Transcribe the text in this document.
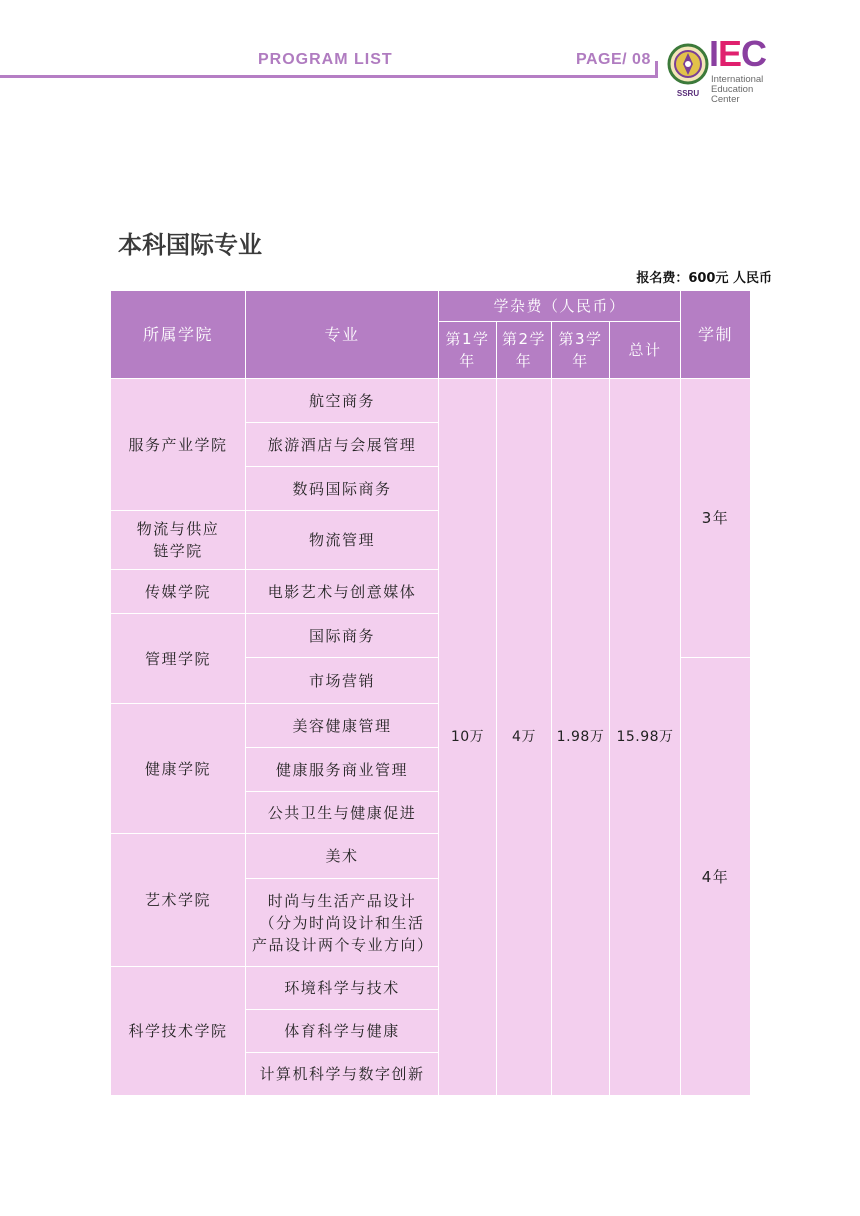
PROGRAM LIST	PAGE/ 08
SSRU
IEC
International
Education
Center
本科国际专业
报名费：600元 人民币
所属学院	专业	学杂费（人民币）				学制
		第1学年	第2学年	第3学年	总计	
服务产业学院	航空商务	10万	4万	1.98万	15.98万	3年
	旅游酒店与会展管理					
	数码国际商务					
物流与供应链学院	物流管理					
传媒学院	电影艺术与创意媒体					
管理学院	国际商务					
	市场营销					4年
健康学院	美容健康管理					
	健康服务商业管理					
	公共卫生与健康促进					
艺术学院	美术					
	时尚与生活产品设计（分为时尚设计和生活产品设计两个专业方向）					
科学技术学院	环境科学与技术					
	体育科学与健康					
	计算机科学与数字创新					
